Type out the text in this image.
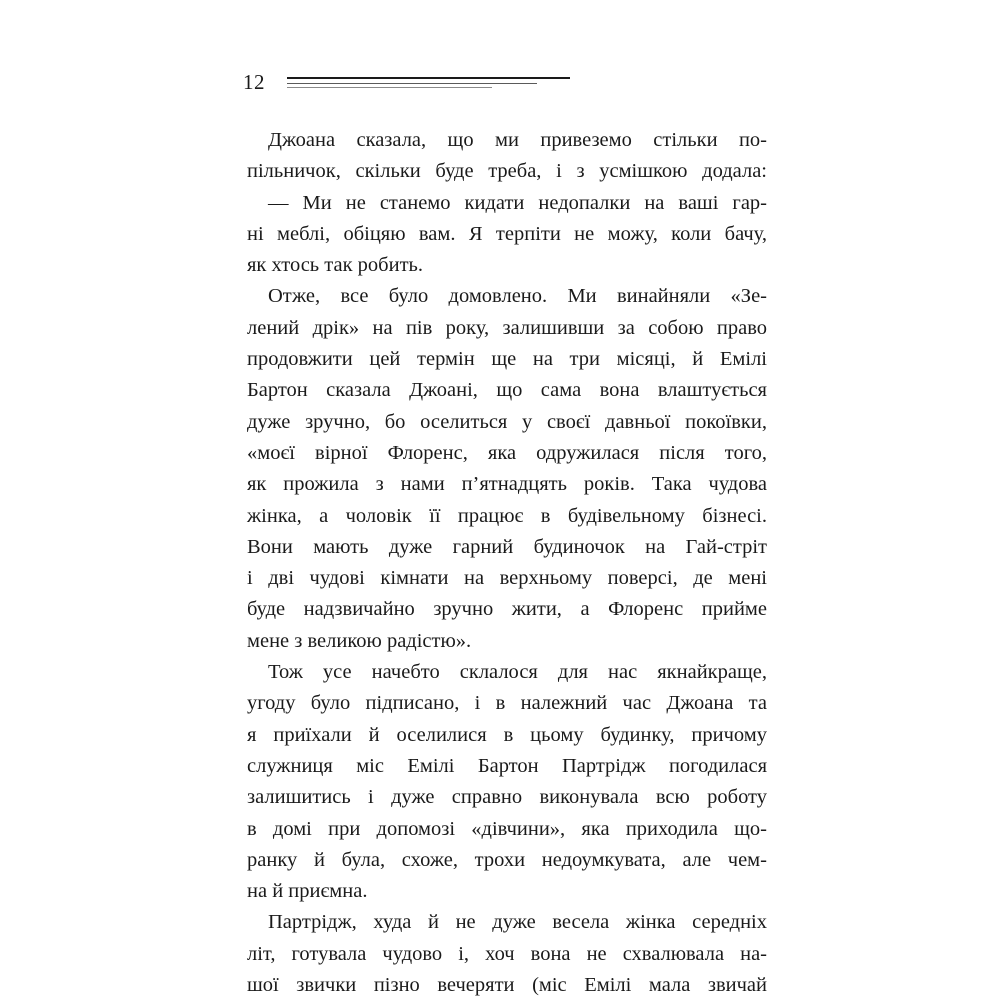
12
Джоана сказала, що ми привеземо стільки по-
пільничок, скільки буде треба, і з усмішкою додала:
— Ми не станемо кидати недопалки на ваші гар-
ні меблі, обіцяю вам. Я терпіти не можу, коли бачу,
як хтось так робить.
Отже, все було домовлено. Ми винайняли «Зе-
лений дрік» на пів року, залишивши за собою право
продовжити цей термін ще на три місяці, й Емілі
Бартон сказала Джоані, що сама вона влаштується
дуже зручно, бо оселиться у своєї давньої покоївки,
«моєї вірної Флоренс, яка одружилася після того,
як прожила з нами п’ятнадцять років. Така чудова
жінка, а чоловік її працює в будівельному бізнесі.
Вони мають дуже гарний будиночок на Гай-стріт
і дві чудові кімнати на верхньому поверсі, де мені
буде надзвичайно зручно жити, а Флоренс прийме
мене з великою радістю».
Тож усе начебто склалося для нас якнайкраще,
угоду було підписано, і в належний час Джоана та
я приїхали й оселилися в цьому будинку, причому
служниця міс Емілі Бартон Партрідж погодилася
залишитись і дуже справно виконувала всю роботу
в домі при допомозі «дівчини», яка приходила що-
ранку й була, схоже, трохи недоумкувата, але чем-
на й приємна.
Партрідж, худа й не дуже весела жінка середніх
літ, готувала чудово і, хоч вона не схвалювала на-
шої звички пізно вечеряти (міс Емілі мала звичай
